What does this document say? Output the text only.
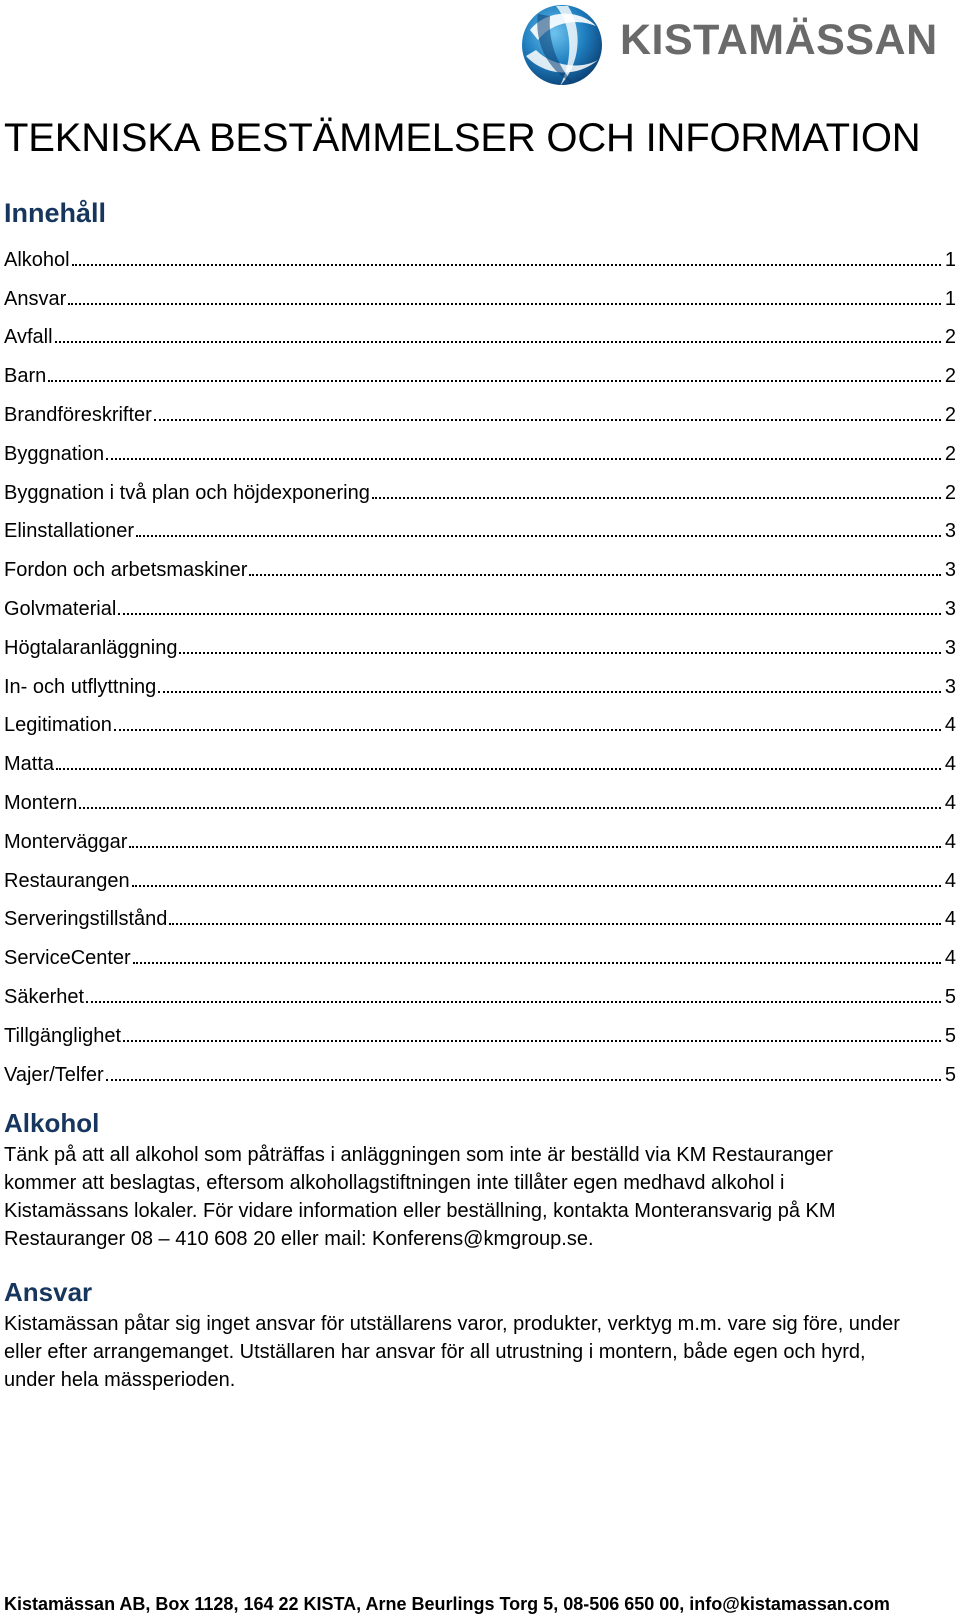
KISTAMÄSSAN
TEKNISKA BESTÄMMELSER OCH INFORMATION
Innehåll
Alkohol	1
Ansvar	1
Avfall	2
Barn	2
Brandföreskrifter	2
Byggnation	2
Byggnation i två plan och höjdexponering	2
Elinstallationer	3
Fordon och arbetsmaskiner	3
Golvmaterial	3
Högtalaranläggning	3
In- och utflyttning	3
Legitimation	4
Matta	4
Montern	4
Monterväggar	4
Restaurangen	4
Serveringstillstånd	4
ServiceCenter	4
Säkerhet	5
Tillgänglighet	5
Vajer/Telfer	5
Alkohol
Tänk på att all alkohol som påträffas i anläggningen som inte är beställd via KM Restauranger
kommer att beslagtas, eftersom alkohollagstiftningen inte tillåter egen medhavd alkohol i
Kistamässans lokaler. För vidare information eller beställning, kontakta Monteransvarig på KM
Restauranger 08 – 410 608 20 eller mail: Konferens@kmgroup.se.
Ansvar
Kistamässan påtar sig inget ansvar för utställarens varor, produkter, verktyg m.m. vare sig före, under
eller efter arrangemanget. Utställaren har ansvar för all utrustning i montern, både egen och hyrd,
under hela mässperioden.
Kistamässan AB, Box 1128, 164 22 KISTA, Arne Beurlings Torg 5, 08-506 650 00, info@kistamassan.com
